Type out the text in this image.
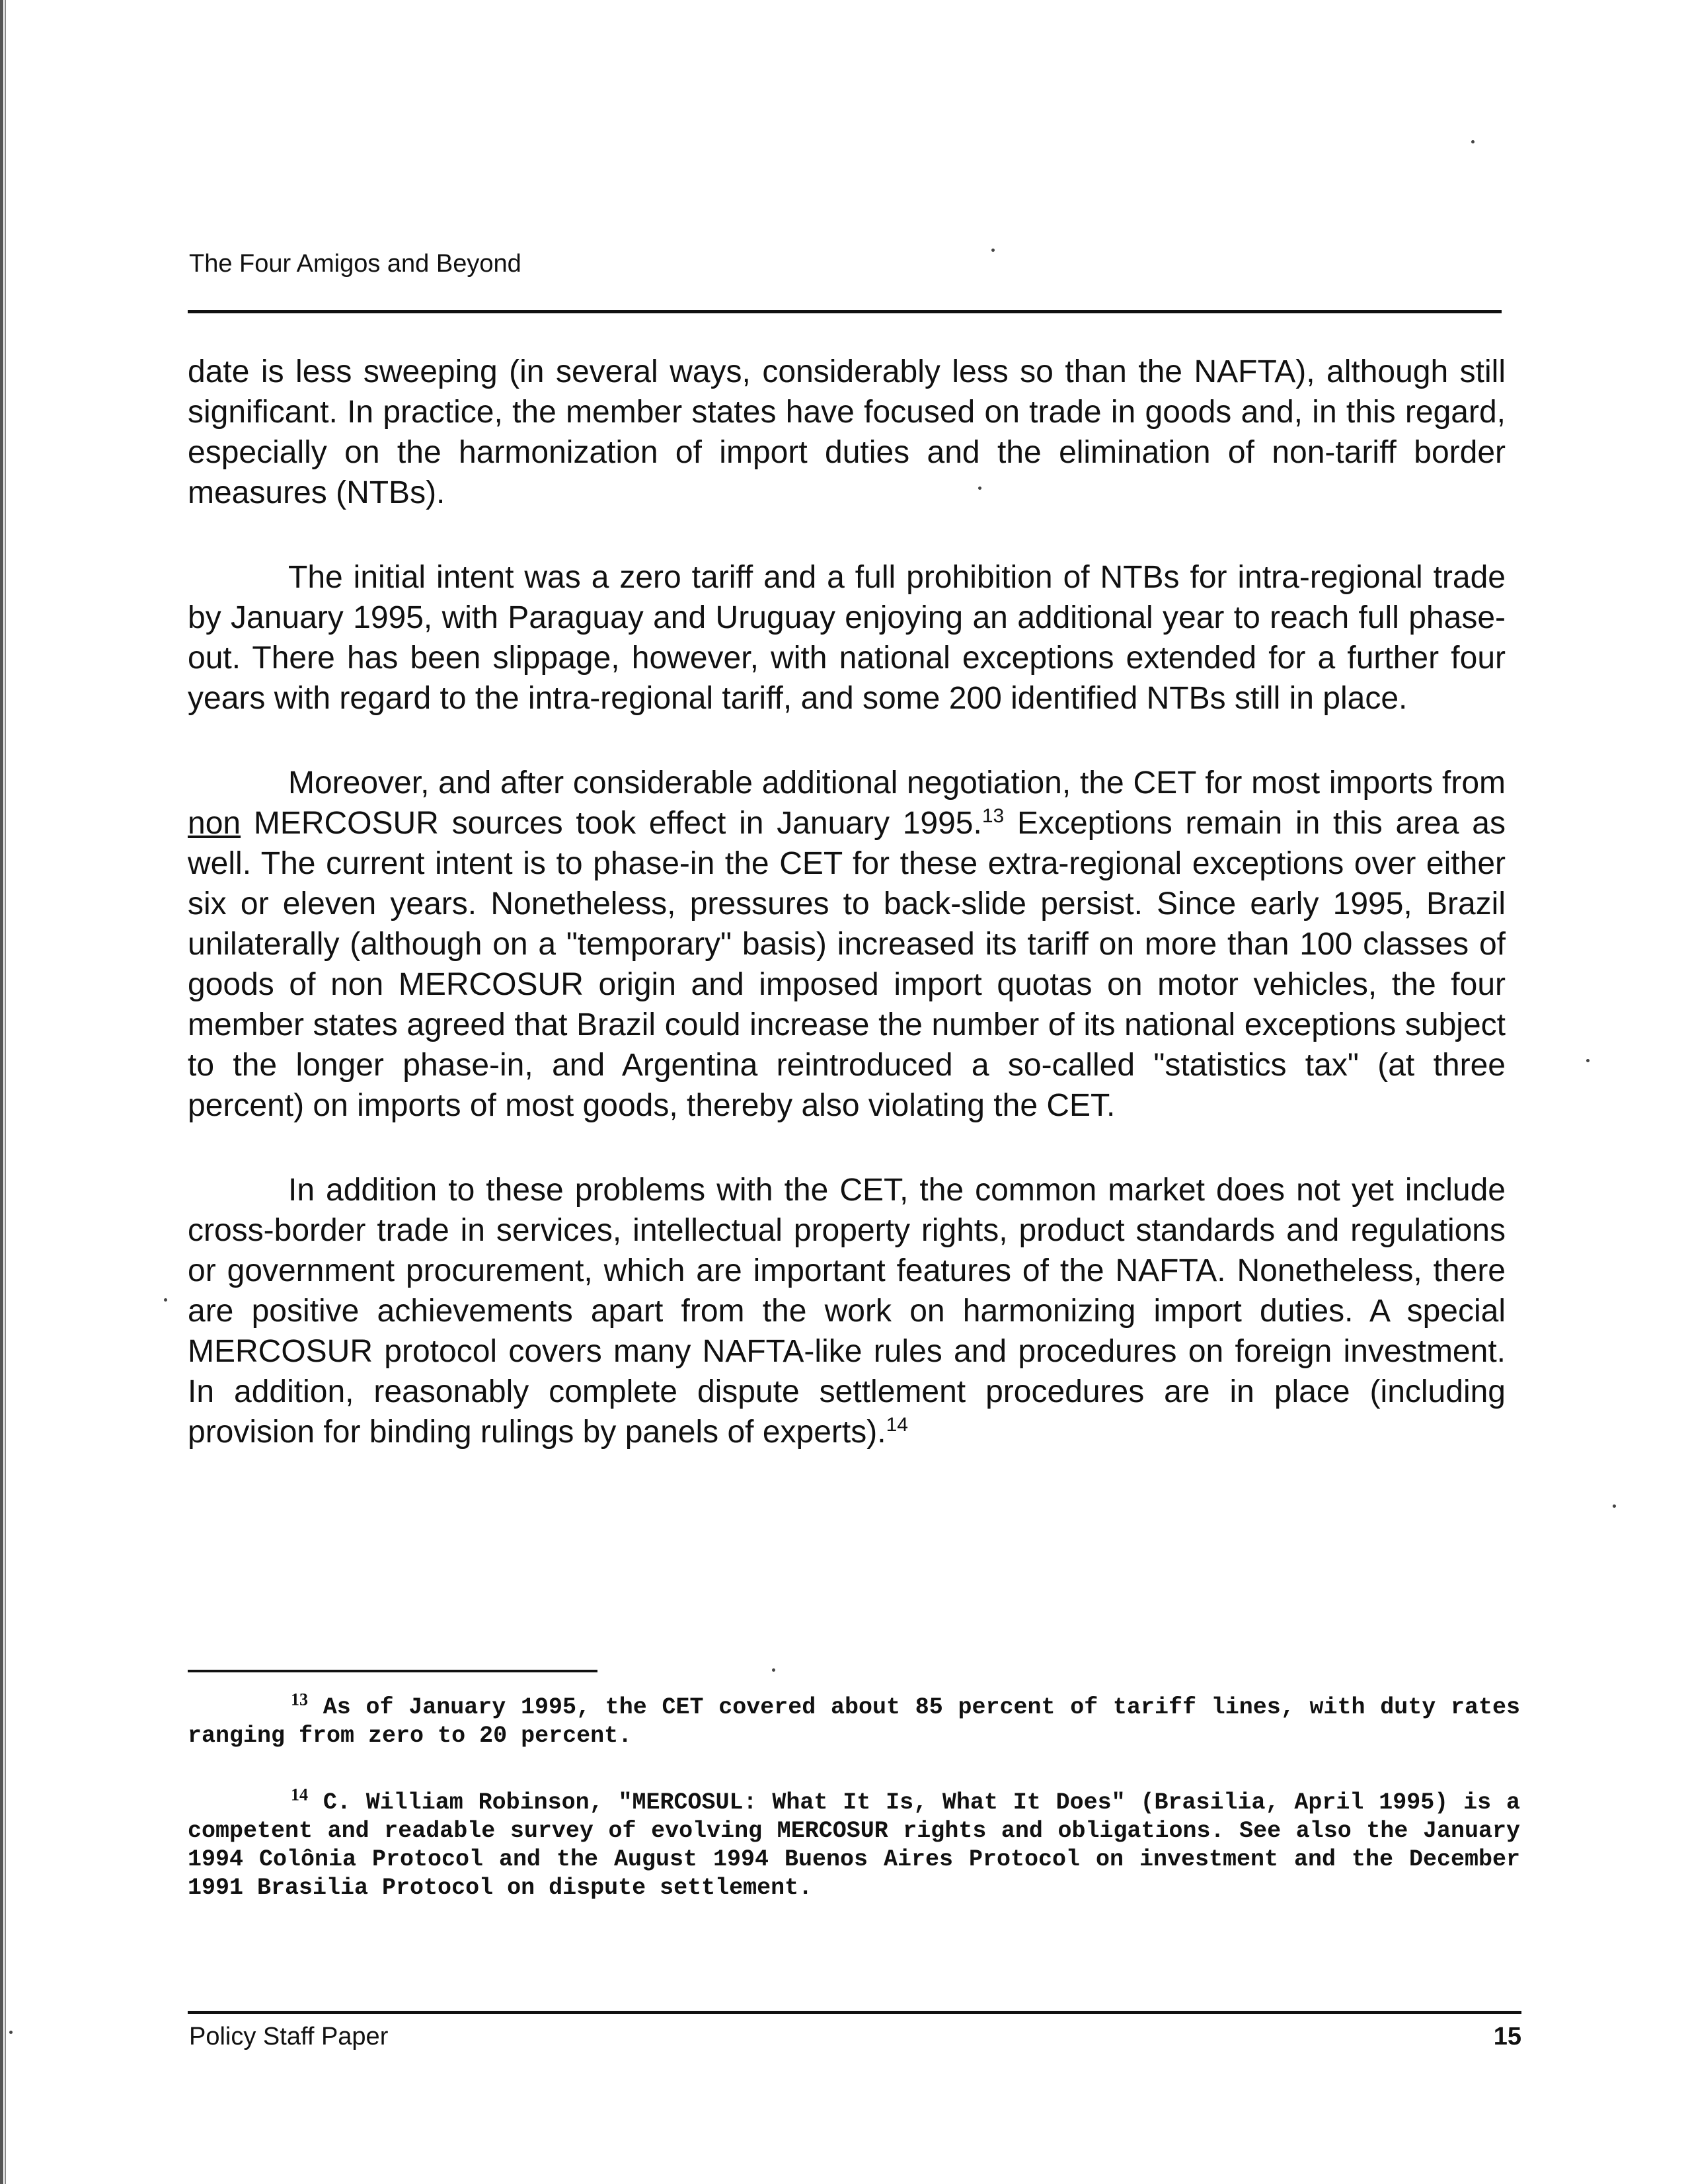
The Four Amigos and Beyond

date is less sweeping (in several ways, considerably less so than the NAFTA), although still significant. In practice, the member states have focused on trade in goods and, in this regard, especially on the harmonization of import duties and the elimination of non-tariff border measures (NTBs).

The initial intent was a zero tariff and a full prohibition of NTBs for intra-regional trade by January 1995, with Paraguay and Uruguay enjoying an additional year to reach full phase-out. There has been slippage, however, with national exceptions extended for a further four years with regard to the intra-regional tariff, and some 200 identified NTBs still in place.

Moreover, and after considerable additional negotiation, the CET for most imports from non MERCOSUR sources took effect in January 1995.13 Exceptions remain in this area as well. The current intent is to phase-in the CET for these extra-regional exceptions over either six or eleven years. Nonetheless, pressures to back-slide persist. Since early 1995, Brazil unilaterally (although on a "temporary" basis) increased its tariff on more than 100 classes of goods of non MERCOSUR origin and imposed import quotas on motor vehicles, the four member states agreed that Brazil could increase the number of its national exceptions subject to the longer phase-in, and Argentina reintroduced a so-called "statistics tax" (at three percent) on imports of most goods, thereby also violating the CET.

In addition to these problems with the CET, the common market does not yet include cross-border trade in services, intellectual property rights, product standards and regulations or government procurement, which are important features of the NAFTA. Nonetheless, there are positive achievements apart from the work on harmonizing import duties. A special MERCOSUR protocol covers many NAFTA-like rules and procedures on foreign investment. In addition, reasonably complete dispute settlement procedures are in place (including provision for binding rulings by panels of experts).$^{14}$

$^{13}$ As of January 1995, the CET covered about 85 percent of tariff lines, with duty rates ranging from zero to 20 percent.

$^{14}$ C. William Robinson, "MERCOSUL: What It Is, What It Does" (Brasilia, April 1995) is a competent and readable survey of evolving MERCOSUR rights and obligations. See also the January 1994 Colônia Protocol and the August 1994 Buenos Aires Protocol on investment and the December 1991 Brasilia Protocol on dispute settlement.

Policy Staff Paper	15
